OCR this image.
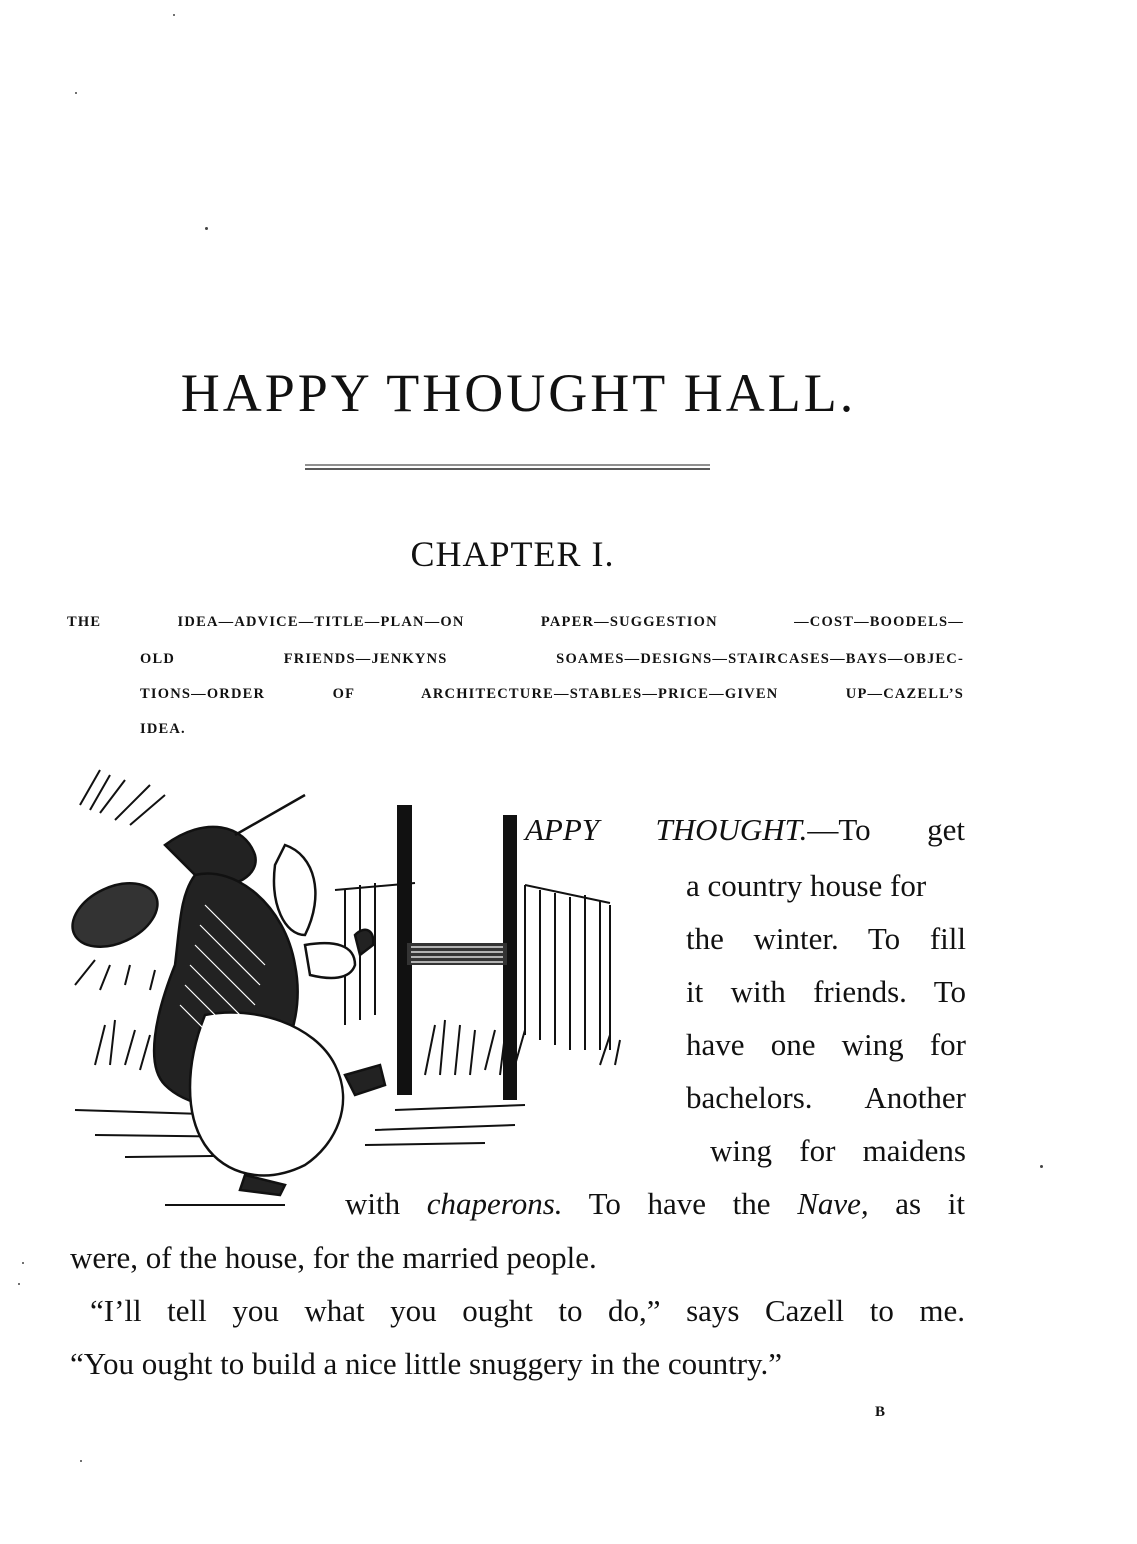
HAPPY THOUGHT HALL.
CHAPTER I.
THE IDEA—ADVICE—TITLE—PLAN—ON PAPER—SUGGESTION —COST—BOODELS—
OLD FRIENDS—JENKYNS SOAMES—DESIGNS—STAIRCASES—BAYS—OBJEC-
TIONS—ORDER OF ARCHITECTURE—STABLES—PRICE—GIVEN UP—CAZELL’S
IDEA.
APPY THOUGHT.—To get
a country house for
the winter. To fill
it with friends. To
have one wing for
bachelors. Another
wing for maidens
with chaperons. To have the Nave, as it
were, of the house, for the married people.
“I’ll tell you what you ought to do,” says Cazell to me.
“You ought to build a nice little snuggery in the country.”
B
